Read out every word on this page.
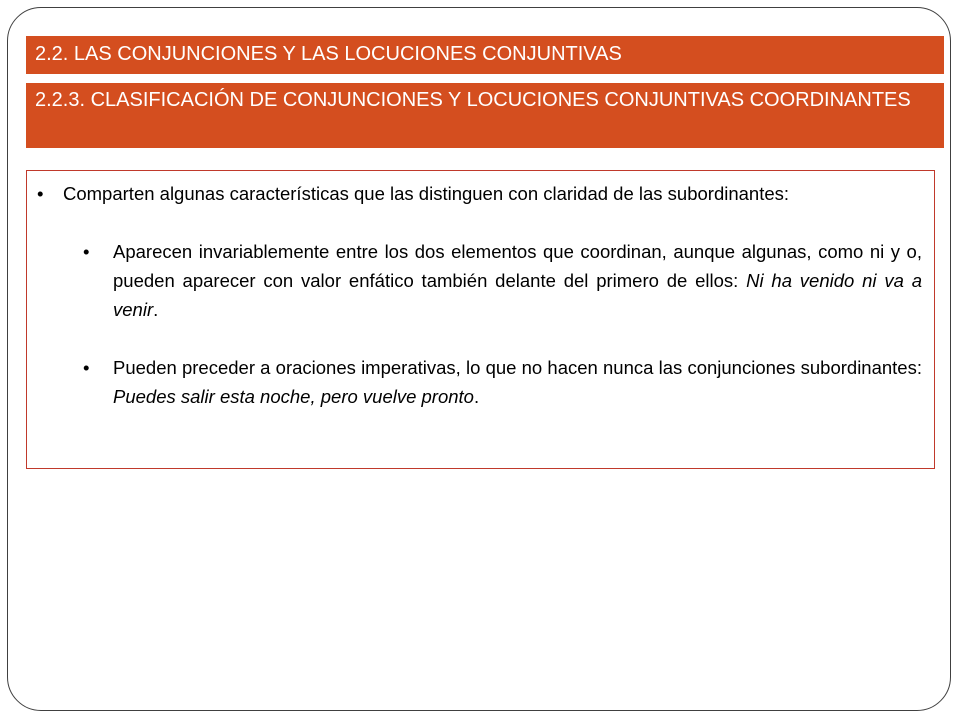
2.2. LAS CONJUNCIONES Y LAS LOCUCIONES CONJUNTIVAS
2.2.3. CLASIFICACIÓN DE CONJUNCIONES Y LOCUCIONES CONJUNTIVAS COORDINANTES
•	Comparten algunas características que las distinguen con claridad de las subordinantes:
•	Aparecen invariablemente entre los dos elementos que coordinan, aunque algunas, como ni y o, pueden aparecer con valor enfático también delante del primero de ellos: Ni ha venido ni va a venir.
•	Pueden preceder a oraciones imperativas, lo que no hacen nunca las conjunciones subordinantes: Puedes salir esta noche, pero vuelve pronto.
